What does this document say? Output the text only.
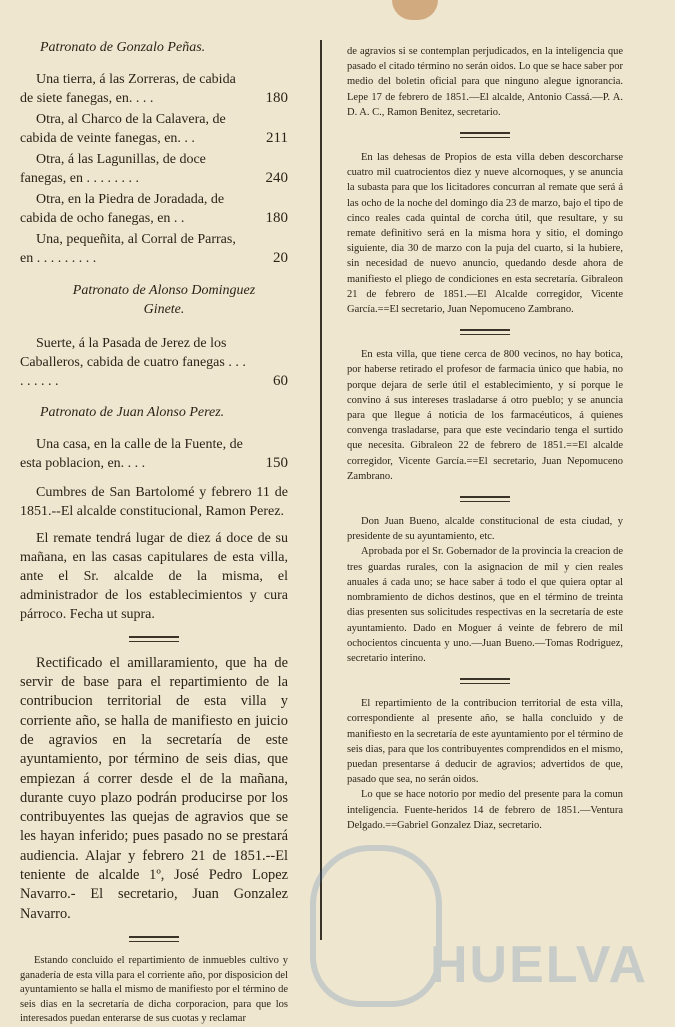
HUELVA
Patronato de Gonzalo Peñas.
Una tierra, á las Zorreras, de cabida de siete fanegas, en. . . .	180
Otra, al Charco de la Calavera, de cabida de veinte fanegas, en. . .	211
Otra, á las Lagunillas, de doce fanegas, en . . . . . . . .	240
Otra, en la Piedra de Joradada, de cabida de ocho fanegas, en . .	180
Una, pequeñita, al Corral de Parras, en . . . . . . . . .	20
Patronato de Alonso Dominguez
Ginete.
Suerte, á la Pasada de Jerez de los Caballeros, cabida de cuatro fanegas . . . . . . . . .	60
Patronato de Juan Alonso Perez.
Una casa, en la calle de la Fuente, de esta poblacion, en. . . .	150

Cumbres de San Bartolomé y febrero 11 de 1851.--El alcalde constitucional, Ramon Perez.

El remate tendrá lugar de diez á doce de su mañana, en las casas capitulares de esta villa, ante el Sr. alcalde de la misma, el administrador de los establecimientos y cura párroco. Fecha ut supra.

Rectificado el amillaramiento, que ha de servir de base para el repartimiento de la contribucion territorial de esta villa y corriente año, se halla de manifiesto en juicio de agravios en la secretaría de este ayuntamiento, por término de seis dias, que empiezan á correr desde el de la mañana, durante cuyo plazo podrán producirse por los contribuyentes las quejas de agravios que se les hayan inferido; pues pasado no se prestará audiencia. Alajar y febrero 21 de 1851.--El teniente de alcalde 1º, José Pedro Lopez Navarro.- El secretario, Juan Gonzalez Navarro.

Estando concluido el repartimiento de inmuebles cultivo y ganadería de esta villa para el corriente año, por disposicion del ayuntamiento se halla el mismo de manifiesto por el término de seis dias en la secretaría de dicha corporacion, para que los interesados puedan enterarse de sus cuotas y reclamar

de agravios si se contemplan perjudicados, en la inteligencia que pasado el citado término no serán oidos. Lo que se hace saber por medio del boletin oficial para que ninguno alegue ignorancia. Lepe 17 de febrero de 1851.—El alcalde, Antonio Cassá.—P. A. D. A. C., Ramon Benitez, secretario.

En las dehesas de Propios de esta villa deben descorcharse cuatro mil cuatrocientos diez y nueve alcornoques, y se anuncia la subasta para que los licitadores concurran al remate que será á las ocho de la noche del domingo dia 23 de marzo, bajo el tipo de cinco reales cada quintal de corcha útil, que resultare, y su remate definitivo será en la misma hora y sitio, el domingo siguiente, dia 30 de marzo con la puja del cuarto, si la hubiere, sin necesidad de nuevo anuncio, quedando desde ahora de manifiesto el pliego de condiciones en esta secretaría. Gibraleon 21 de febrero de 1851.—El Alcalde corregidor, Vicente García.==El secretario, Juan Nepomuceno Zambrano.

En esta villa, que tiene cerca de 800 vecinos, no hay botica, por haberse retirado el profesor de farmacia único que habia, no porque dejara de serle útil el establecimiento, y sí porque le convino á sus intereses trasladarse á otro pueblo; y se anuncia para que llegue á noticia de los farmacéuticos, á quienes convenga trasladarse, para que este vecindario tenga el surtido que necesita. Gibraleon 22 de febrero de 1851.==El alcalde corregidor, Vicente García.==El secretario, Juan Nepomuceno Zambrano.

Don Juan Bueno, alcalde constitucional de esta ciudad, y presidente de su ayuntamiento, etc.

Aprobada por el Sr. Gobernador de la provincia la creacion de tres guardas rurales, con la asignacion de mil y cien reales anuales á cada uno; se hace saber á todo el que quiera optar al nombramiento de dichos destinos, que en el término de treinta dias presenten sus solicitudes respectivas en la secretaría de este ayuntamiento. Dado en Moguer á veinte de febrero de mil ochocientos cincuenta y uno.—Juan Bueno.—Tomas Rodriguez, secretario interino.

El repartimiento de la contribucion territorial de esta villa, correspondiente al presente año, se halla concluido y de manifiesto en la secretaría de este ayuntamiento por el término de seis dias, para que los contribuyentes comprendidos en el mismo, puedan presentarse á deducir de agravios; advertidos de que, pasado que sea, no serán oidos.

Lo que se hace notorio por medio del presente para la comun inteligencia. Fuente-heridos 14 de febrero de 1851.—Ventura Delgado.==Gabriel Gonzalez Diaz, secretario.
